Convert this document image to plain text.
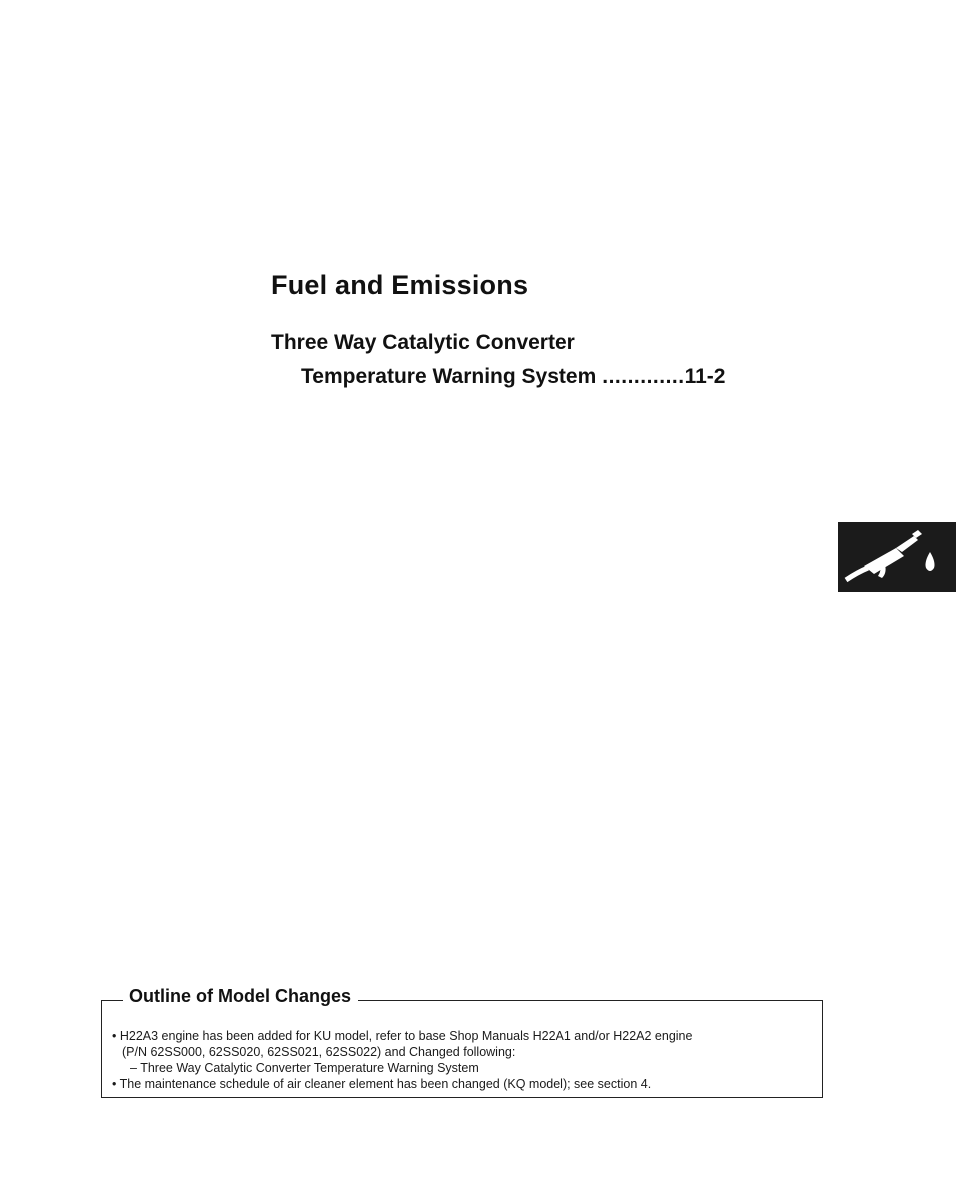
Fuel and Emissions
Three Way Catalytic Converter
Temperature Warning System .............11-2
Outline of Model Changes
• H22A3 engine has been added for KU model, refer to base Shop Manuals H22A1 and/or H22A2 engine
(P/N 62SS000, 62SS020, 62SS021, 62SS022) and Changed following:
– Three Way Catalytic Converter Temperature Warning System
• The maintenance schedule of air cleaner element has been changed (KQ model); see section 4.
